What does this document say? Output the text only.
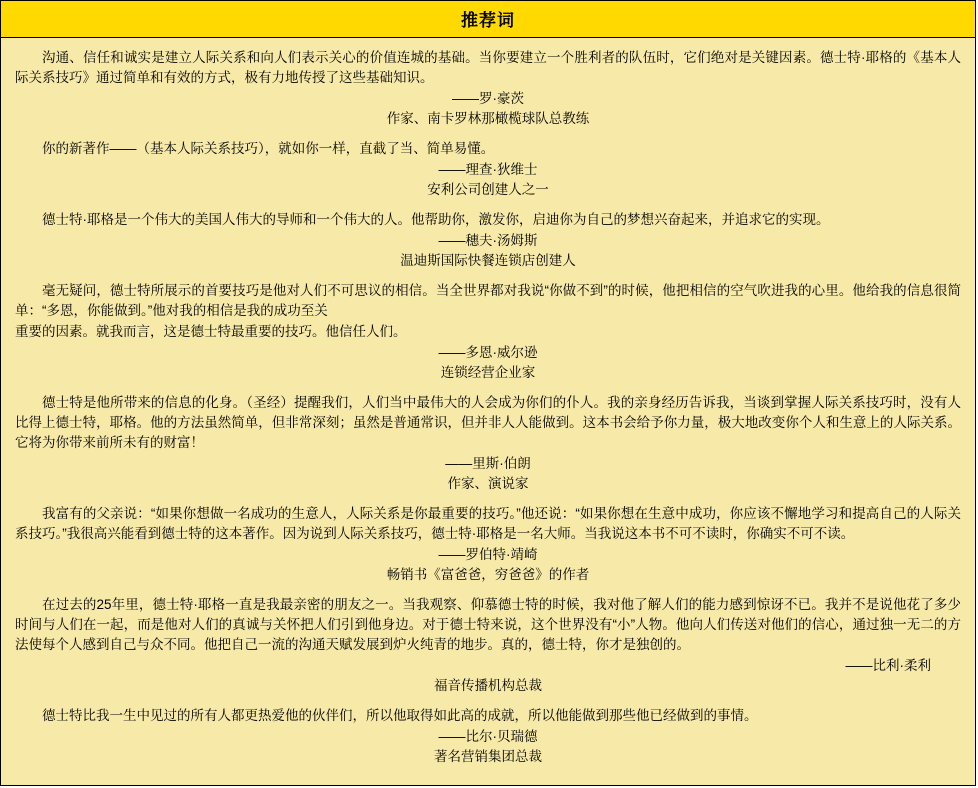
推荐词

沟通、信任和诚实是建立人际关系和向人们表示关心的价值连城的基础。当你要建立一个胜利者的队伍时，它们绝对是关键因素。德士特·耶格的《基本人际关系技巧》通过简单和有效的方式，极有力地传授了这些基础知识。

——罗·豪茨

作家、南卡罗林那橄榄球队总教练

你的新著作——（基本人际关系技巧），就如你一样，直截了当、简单易懂。

——理查·狄维士

安利公司创建人之一

德士特·耶格是一个伟大的美国人伟大的导师和一个伟大的人。他帮助你，激发你，启迪你为自己的梦想兴奋起来，并追求它的实现。

——穗夫·汤姆斯

温迪斯国际快餐连锁店创建人

毫无疑问，德士特所展示的首要技巧是他对人们不可思议的相信。当全世界都对我说“你做不到”的时候，他把相信的空气吹进我的心里。他给我的信息很简单：“多恩，你能做到。”他对我的相信是我的成功至关

重要的因素。就我而言，这是德士特最重要的技巧。他信任人们。

——多恩·威尔逊

连锁经营企业家

德士特是他所带来的信息的化身。（圣经）提醒我们，人们当中最伟大的人会成为你们的仆人。我的亲身经历告诉我，当谈到掌握人际关系技巧时，没有人比得上德士特，耶格。他的方法虽然简单，但非常深刻；虽然是普通常识，但并非人人能做到。这本书会给予你力量，极大地改变你个人和生意上的人际关系。它将为你带来前所未有的财富！

——里斯·伯朗

作家、演说家

我富有的父亲说：“如果你想做一名成功的生意人，人际关系是你最重要的技巧。”他还说：“如果你想在生意中成功，你应该不懈地学习和提高自己的人际关系技巧。”我很高兴能看到德士特的这本著作。因为说到人际关系技巧，德士特·耶格是一名大师。当我说这本书不可不读时，你确实不可不读。

——罗伯特·靖崎

畅销书《富爸爸，穷爸爸》的作者

在过去的25年里，德士特·耶格一直是我最亲密的朋友之一。当我观察、仰慕德士特的时候，我对他了解人们的能力感到惊讶不已。我并不是说他花了多少时间与人们在一起，而是他对人们的真诚与关怀把人们引到他身边。对于德士特来说，这个世界没有“小”人物。他向人们传送对他们的信心，通过独一无二的方法使每个人感到自己与众不同。他把自己一流的沟通天赋发展到炉火纯青的地步。真的，德士特，你才是独创的。

——比利·柔利

福音传播机构总裁

德士特比我一生中见过的所有人都更热爱他的伙伴们，所以他取得如此高的成就，所以他能做到那些他已经做到的事情。

——比尔·贝瑞德

著名营销集团总裁
